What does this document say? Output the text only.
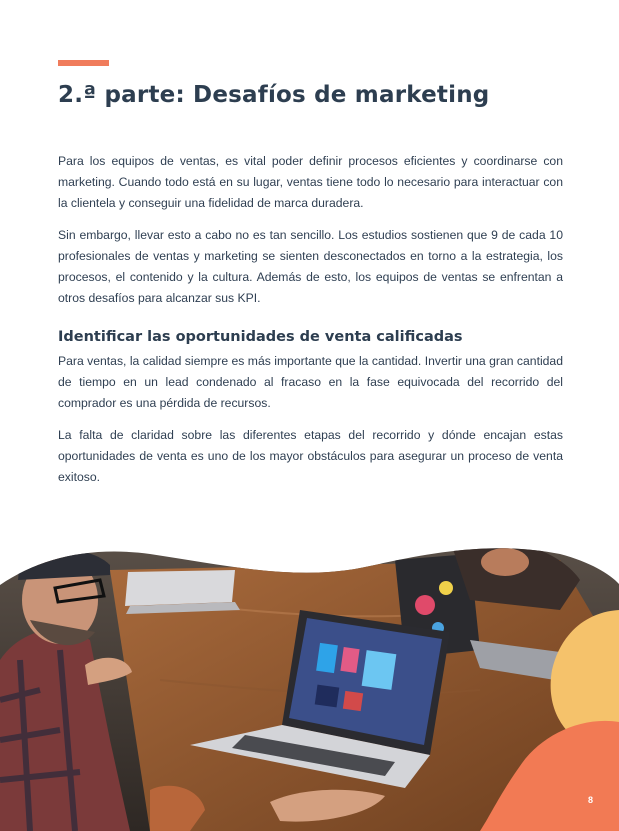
2.ª parte: Desafíos de marketing

Para los equipos de ventas, es vital poder definir procesos eficientes y coordinarse con marketing. Cuando todo está en su lugar, ventas tiene todo lo necesario para interactuar con la clientela y conseguir una fidelidad de marca duradera.

Sin embargo, llevar esto a cabo no es tan sencillo. Los estudios sostienen que 9 de cada 10 profesionales de ventas y marketing se sienten desconectados en torno a la estrategia, los procesos, el contenido y la cultura. Además de esto, los equipos de ventas se enfrentan a otros desafíos para alcanzar sus KPI.

Identificar las oportunidades de venta calificadas

Para ventas, la calidad siempre es más importante que la cantidad. Invertir una gran cantidad de tiempo en un lead condenado al fracaso en la fase equivocada del recorrido del comprador es una pérdida de recursos.

La falta de claridad sobre las diferentes etapas del recorrido y dónde encajan estas oportunidades de venta es uno de los mayor obstáculos para asegurar un proceso de venta exitoso.

8
